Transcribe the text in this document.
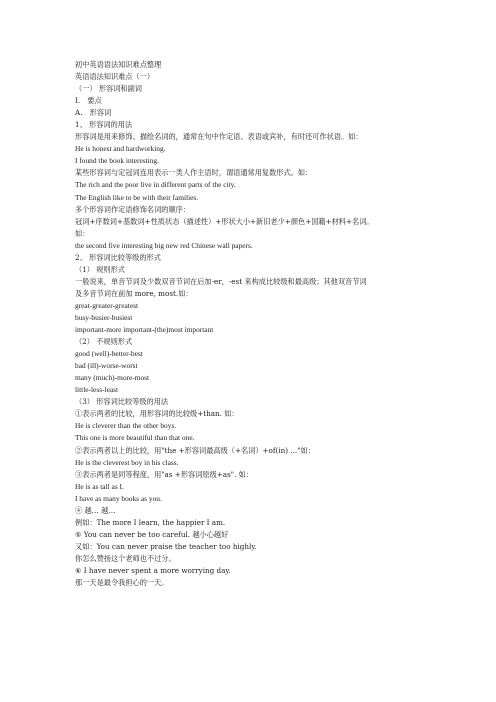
初中英语语法知识难点整理
英语语法知识难点（一）
（一） 形容词和副词
I.　要点
A.　形容词
1、 形容词的用法
形容词是用来修饰、描绘名词的，通常在句中作定语、表语或宾补，有时还可作状语。如：
He is honest and hardworking.
I found the book interesting.
某些形容词与定冠词连用表示一类人作主语时，谓语通常用复数形式。如：
The rich and the poor live in different parts of the city.
The English like to be with their families.
多个形容词作定语修饰名词的顺序：
冠词+序数词+基数词+性质状态（描述性）+形状大小+新旧老少+颜色+国籍+材料+名词。
如：
the second five interesting big new red Chinese wall papers.
2、 形容词比较等级的形式
（1） 规则形式
一般说来，单音节词及少数双音节词在后加-er，-est 来构成比较级和最高级；其他双音节词
及多音节词在前加 more, most.如：
great-greater-greatest
busy-busier-busiest
important-more important-(the)most important
（2） 不规则形式
good (well)-better-best
bad (ill)-worse-worst
many (much)-more-most
little-less-least
（3） 形容词比较等级的用法
①表示两者的比较，用形容词的比较级+than. 如：
He is cleverer than the other boys.
This one is more beautiful than that one.
②表示两者以上的比较，用"the +形容词最高级（+名词）+of(in) ..."如：
He is the cleverest boy in his class.
③表示两者是同等程度，用"as +形容词原级+as". 如：
He is as tall as I.
I have as many books as you.
④ 越… 越…
例如：The more I learn, the happier I am.
⑤ You can never be too careful. 越小心越好
又如：You can never praise the teacher too highly.
你怎么赞扬这个老师也不过分。
⑥ I have never spent a more worrying day.
那一天是最令我担心的一天。
